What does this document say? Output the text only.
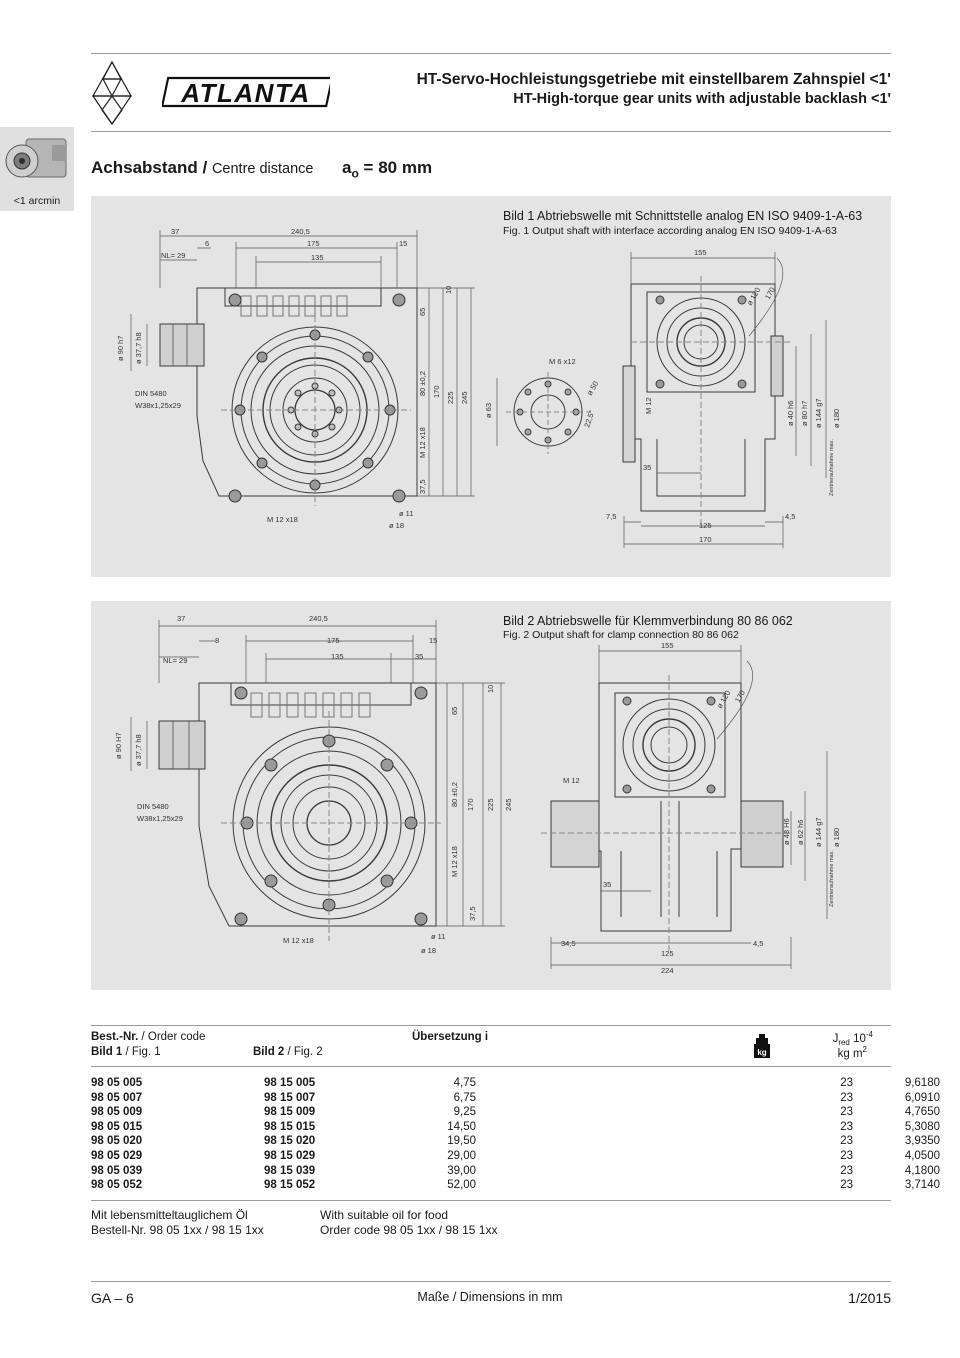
ATLANTA	HT-Servo-Hochleistungsgetriebe mit einstellbarem Zahnspiel <1'
HT-High-torque gear units with adjustable backlash <1'
<1 arcmin
Achsabstand / Centre distance $a_o = 80$ mm
Bild 1 Abtriebswelle mit Schnittstelle analog EN ISO 9409-1-A-63
Fig. 1 Output shaft with interface according analog EN ISO 9409-1-A-63
37	240,5
6	175	15
135
NL= 29
ø 90 h7 ø 37,7 h8
DIN 5480
W38x1,25x29
10
65
80 ±0,2 170 225 245
M 12 x18
37,5
ø 11
ø 18
M 12 x18
M 6 x12
ø 63	22,5°
ø 50
155
ø 120 170
M 12	ø 40 h6 ø 80 h7 ø 144 g7 ø 180
Zentrieraufnahme max.
35
7,5
125
4,5
170
Bild 2 Abtriebswelle für Klemmverbindung 80 86 062
Fig. 2 Output shaft for clamp connection 80 86 062
37	240,5
8	175	15
135	35
NL= 29
ø 90 H7 ø 37,7 h8
DIN 5480
W38x1,25x29
10
65
80 ±0,2 170 225 245
M 12 x18
37,5
ø 11
ø 18
M 12 x18
155
ø 120 170
M 12
ø 48 H6 ø 62 h6 ø 144 g7 ø 180
Zentrieraufnahme max.
35
34,5
125
4,5
224
Best.-Nr. / Order code
Bild 1 / Fig. 1	Bild 2 / Fig. 2
Übersetzung i
kg
$J_{red}$ $10^{-4}$
kg $m^2$
98 05 005	98 15 005	4,75	23	9,6180
98 05 007	98 15 007	6,75	23	6,0910
98 05 009	98 15 009	9,25	23	4,7650
98 05 015	98 15 015	14,50	23	5,3080
98 05 020	98 15 020	19,50	23	3,9350
98 05 029	98 15 029	29,00	23	4,0500
98 05 039	98 15 039	39,00	23	4,1800
98 05 052	98 15 052	52,00	23	3,7140
Mit lebensmitteltauglichem Öl
Bestell-Nr. 98 05 1xx / 98 15 1xx
With suitable oil for food
Order code 98 05 1xx / 98 15 1xx
GA – 6	Maße / Dimensions in mm	1/2015
